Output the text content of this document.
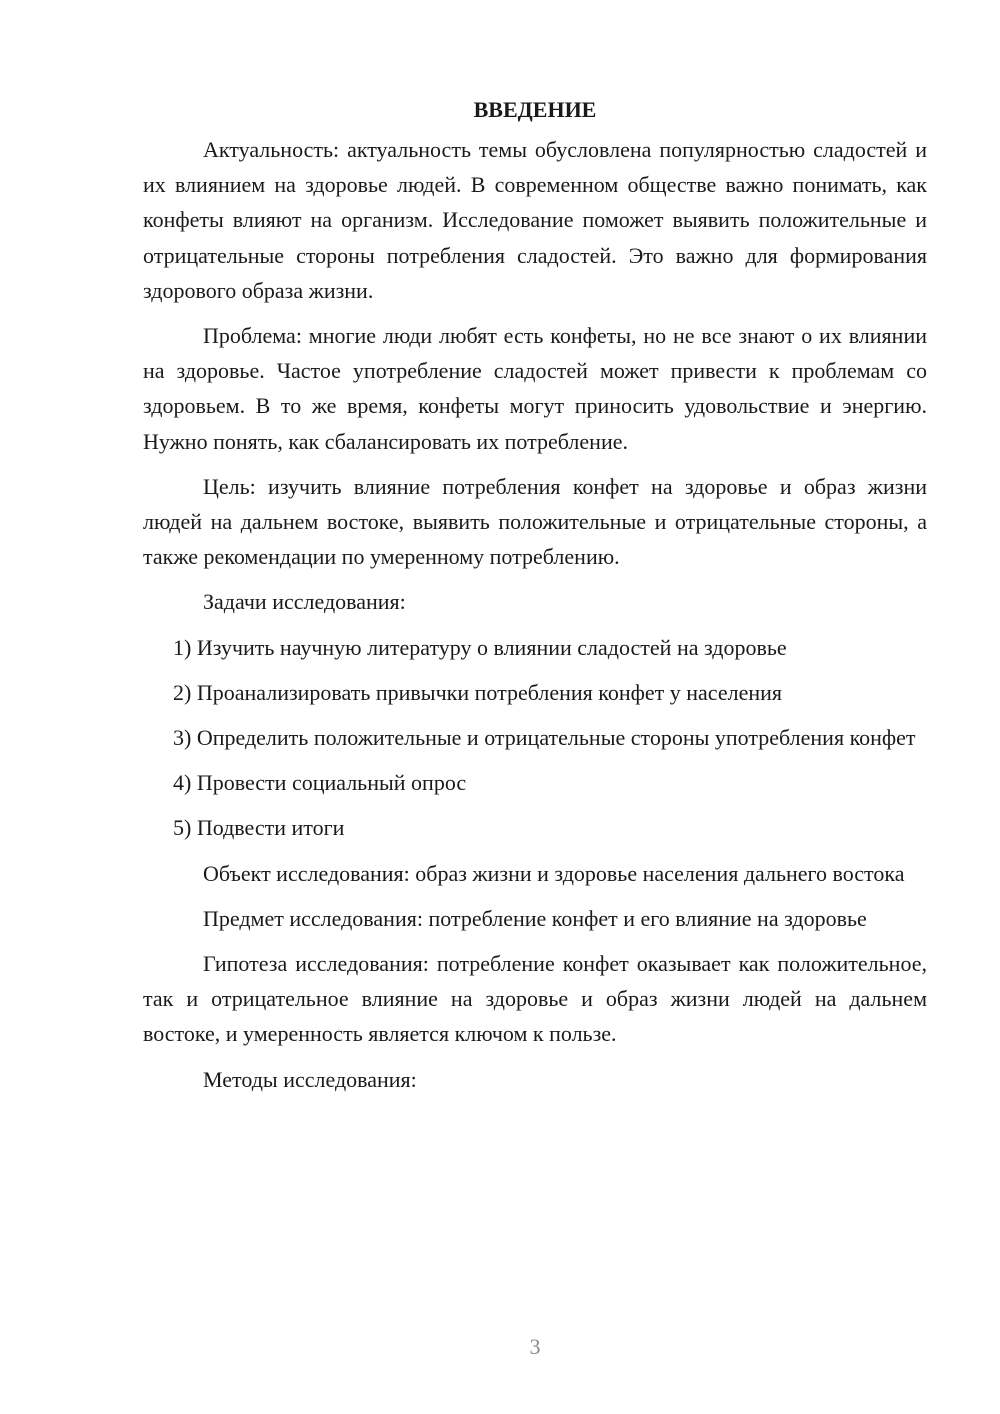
ВВЕДЕНИЕ

Актуальность: актуальность темы обусловлена популярностью сладостей и их влиянием на здоровье людей. В современном обществе важно понимать, как конфеты влияют на организм. Исследование поможет выявить положительные и отрицательные стороны потребления сладостей. Это важно для формирования здорового образа жизни.

Проблема: многие люди любят есть конфеты, но не все знают о их влиянии на здоровье. Частое употребление сладостей может привести к проблемам со здоровьем. В то же время, конфеты могут приносить удовольствие и энергию. Нужно понять, как сбалансировать их потребление.

Цель: изучить влияние потребления конфет на здоровье и образ жизни людей на дальнем востоке, выявить положительные и отрицательные стороны, а также рекомендации по умеренному потреблению.

Задачи исследования:

1) Изучить научную литературу о влиянии сладостей на здоровье

2) Проанализировать привычки потребления конфет у населения

3) Определить положительные и отрицательные стороны употребления конфет

4) Провести социальный опрос

5) Подвести итоги

Объект исследования: образ жизни и здоровье населения дальнего востока

Предмет исследования: потребление конфет и его влияние на здоровье

Гипотеза исследования: потребление конфет оказывает как положительное, так и отрицательное влияние на здоровье и образ жизни людей на дальнем востоке, и умеренность является ключом к пользе.

Методы исследования:

3
